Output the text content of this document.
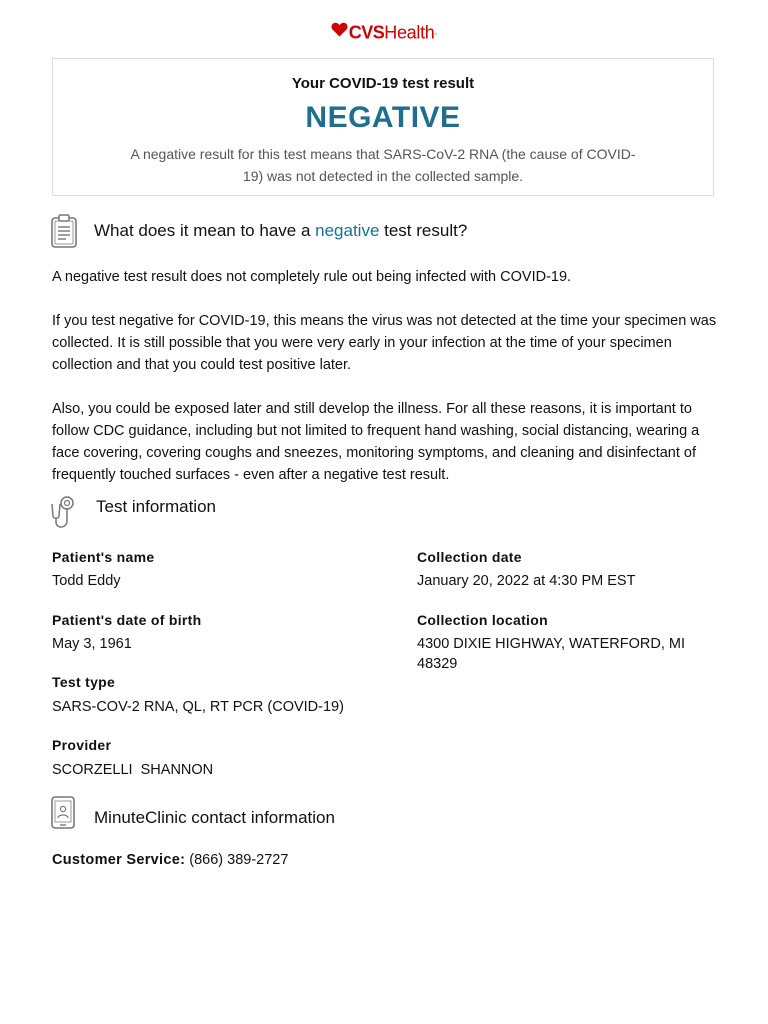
CVSHealth.
Your COVID-19 test result
NEGATIVE
A negative result for this test means that SARS-CoV-2 RNA (the cause of COVID-19) was not detected in the collected sample.
What does it mean to have a negative test result?

A negative test result does not completely rule out being infected with COVID-19.

If you test negative for COVID-19, this means the virus was not detected at the time your specimen was collected. It is still possible that you were very early in your infection at the time of your specimen collection and that you could test positive later.

Also, you could be exposed later and still develop the illness. For all these reasons, it is important to follow CDC guidance, including but not limited to frequent hand washing, social distancing, wearing a face covering, covering coughs and sneezes, monitoring symptoms, and cleaning and disinfectant of frequently touched surfaces - even after a negative test result.

Test information
Patient's name
Todd Eddy
Collection date
January 20, 2022 at 4:30 PM EST
Patient's date of birth
May 3, 1961
Collection location
4300 DIXIE HIGHWAY, WATERFORD, MI 48329
Test type
SARS-COV-2 RNA, QL, RT PCR (COVID-19)
Provider
SCORZELLI  SHANNON
MinuteClinic contact information
Customer Service: (866) 389-2727
